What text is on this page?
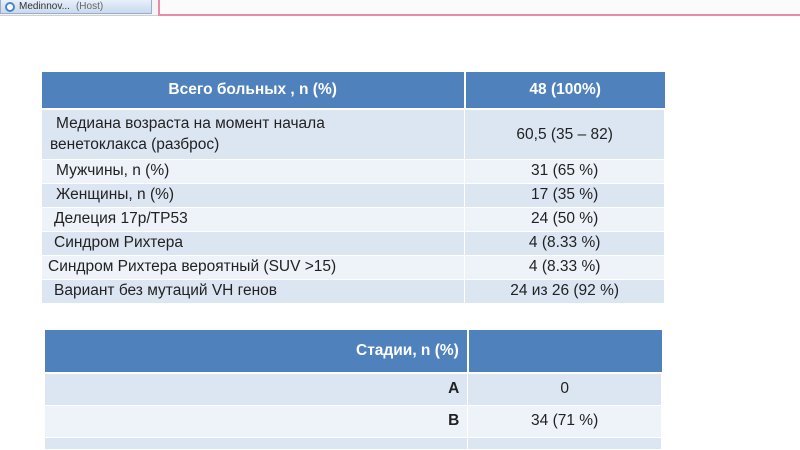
Medinnov... (Host)
Всего больных , n (%)	48 (100%)

Медиана возраста на момент начала
венетоклакса (разброс)	60,5 (35 – 82)
Мужчины, n (%)	31 (65 %)
Женщины, n (%)	17 (35 %)
Делеция 17p/TP53	24 (50 %)
Синдром Рихтера	4 (8.33 %)
Синдром Рихтера вероятный (SUV >15)	4 (8.33 %)
Вариант без мутаций VH генов	24 из 26 (92 %)
Стадии, n (%)	
A	0
B	34 (71 %)
